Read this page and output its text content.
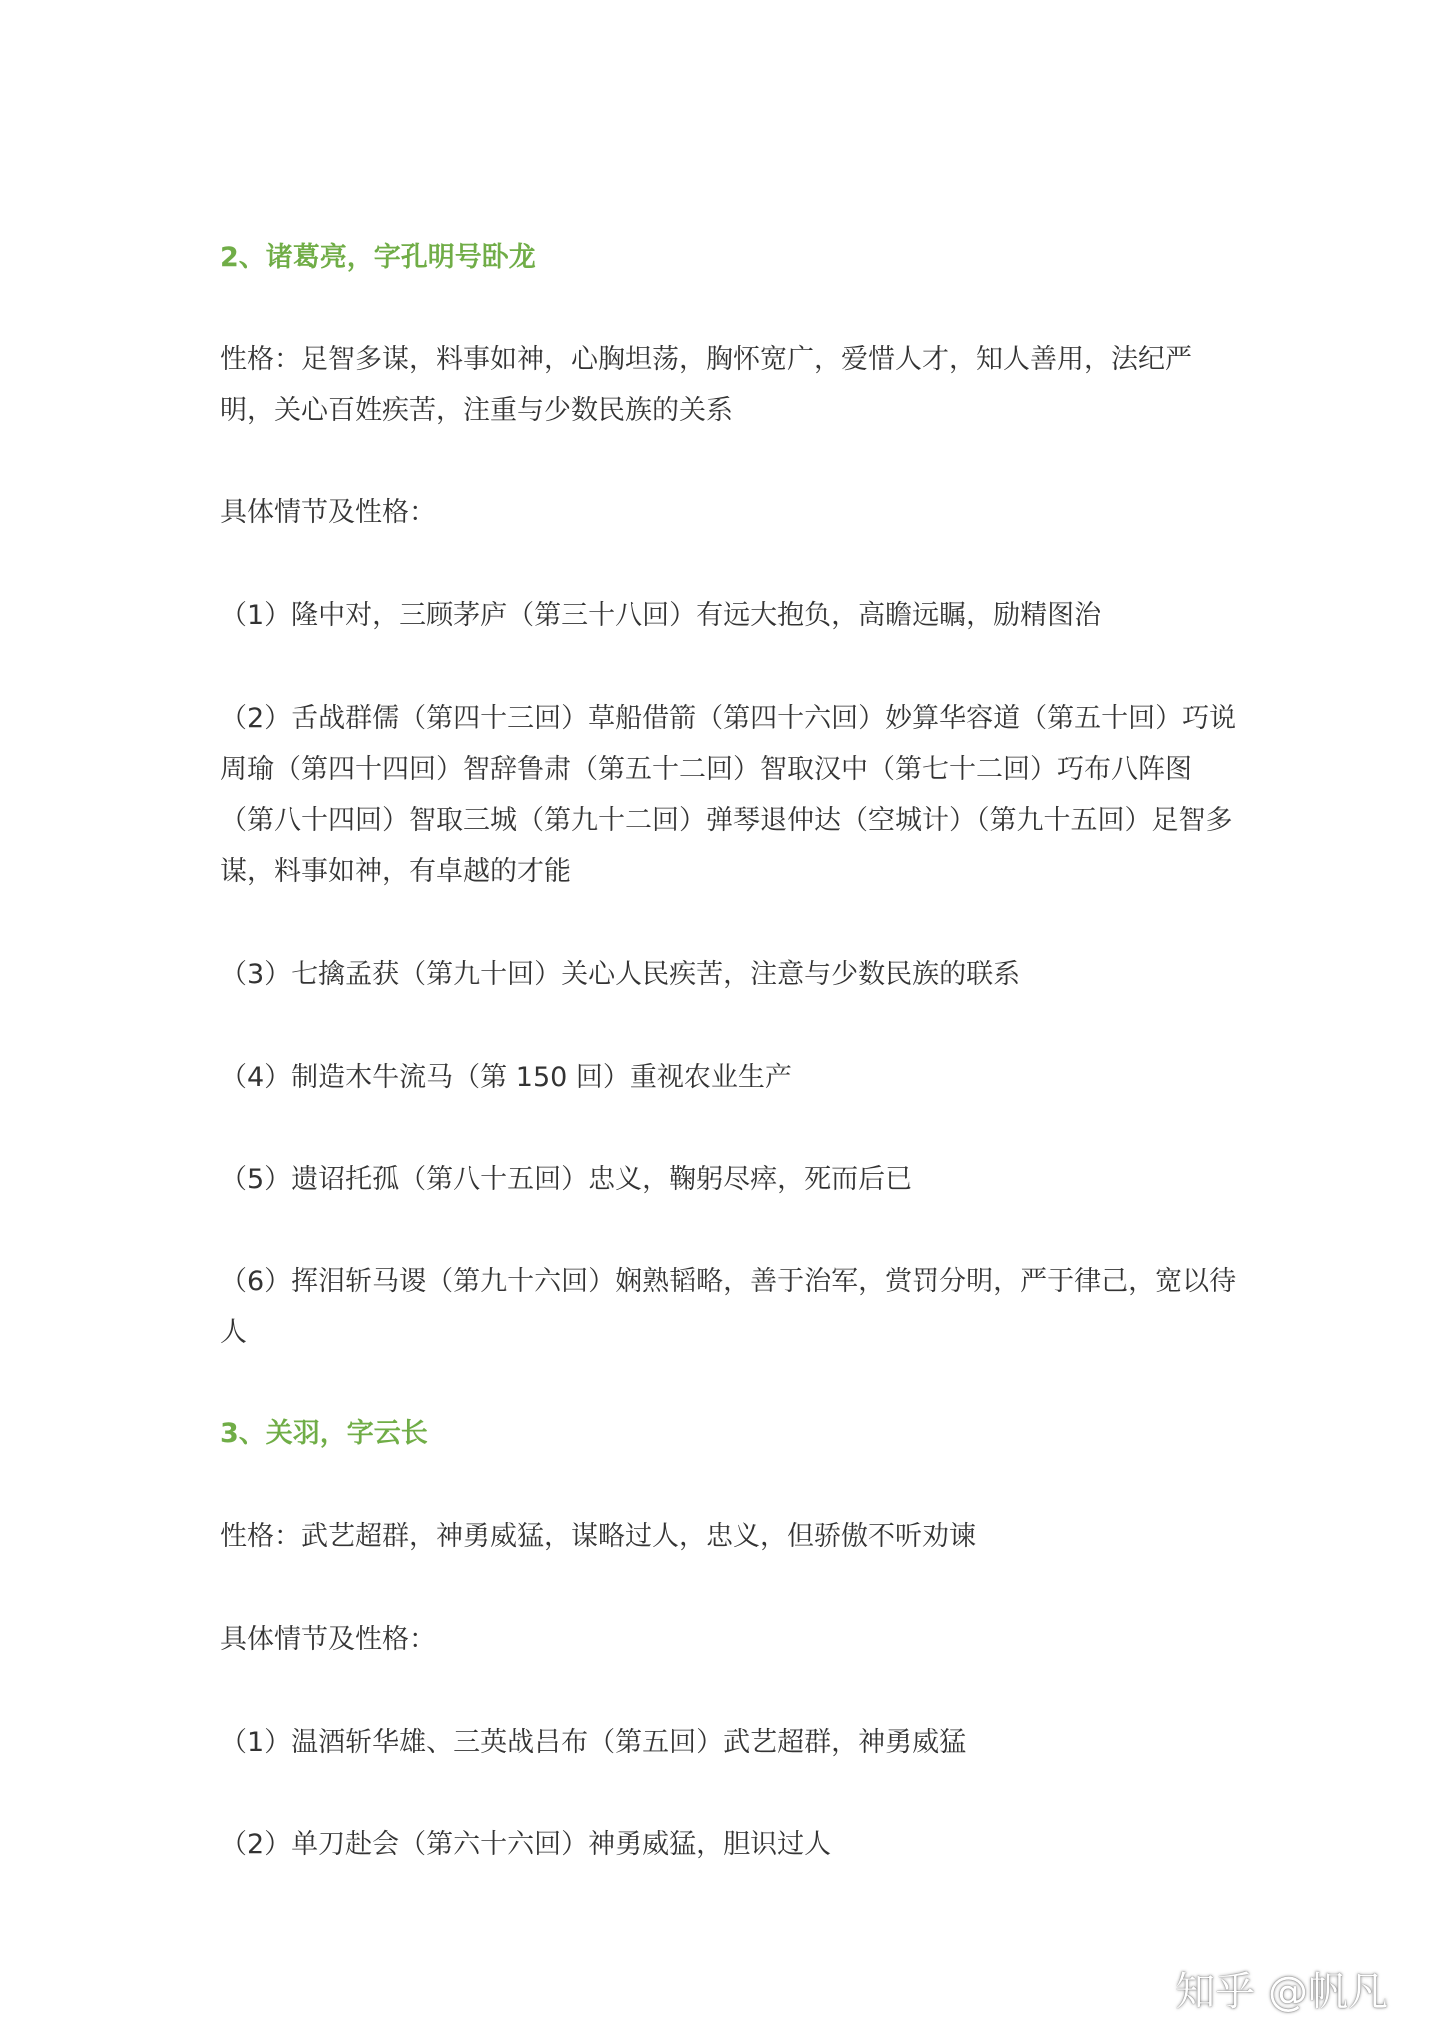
2、诸葛亮，字孔明号卧龙
性格：足智多谋，料事如神，心胸坦荡，胸怀宽广，爱惜人才，知人善用，法纪严明，关心百姓疾苦，注重与少数民族的关系
具体情节及性格：
（1）隆中对，三顾茅庐（第三十八回）有远大抱负，高瞻远瞩，励精图治
（2）舌战群儒（第四十三回）草船借箭（第四十六回）妙算华容道（第五十回）巧说周瑜（第四十四回）智辞鲁肃（第五十二回）智取汉中（第七十二回）巧布八阵图（第八十四回）智取三城（第九十二回）弹琴退仲达（空城计）（第九十五回）足智多谋，料事如神，有卓越的才能
（3）七擒孟获（第九十回）关心人民疾苦，注意与少数民族的联系
（4）制造木牛流马（第 150 回）重视农业生产
（5）遗诏托孤（第八十五回）忠义，鞠躬尽瘁，死而后已
（6）挥泪斩马谡（第九十六回）娴熟韬略，善于治军，赏罚分明，严于律己，宽以待人
3、关羽，字云长
性格：武艺超群，神勇威猛，谋略过人，忠义，但骄傲不听劝谏
具体情节及性格：
（1）温酒斩华雄、三英战吕布（第五回）武艺超群，神勇威猛
（2）单刀赴会（第六十六回）神勇威猛，胆识过人
知乎 @帆凡
